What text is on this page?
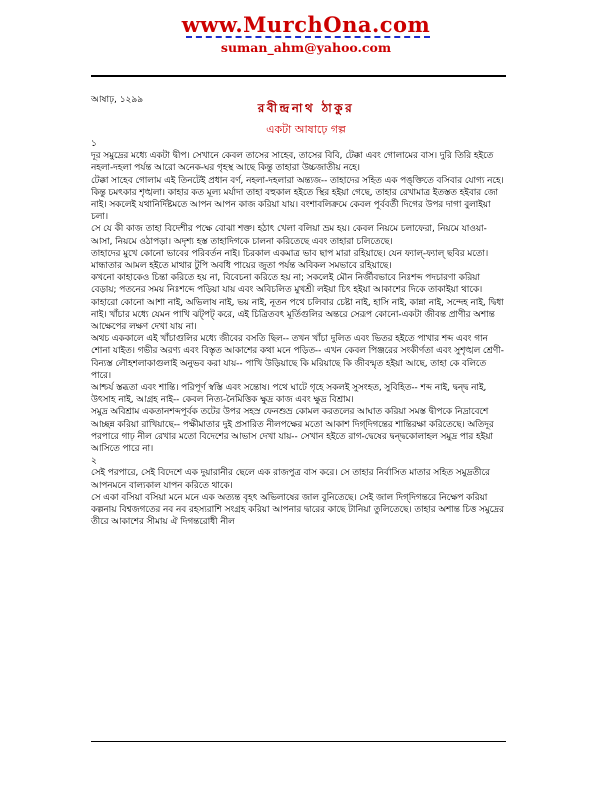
www.MurchOna.com
suman_ahm@yahoo.com
আষাঢ়, ১২৯৯
রবীন্দ্রনাথ ঠাকুর
একটা আষাঢ়ে গল্প

১

দূর সমুদ্রের মধ্যে একটা দ্বীপ। সেখানে কেবল তাসের সাহেব, তাসের বিবি, টেক্কা এবং গোলামের বাস। দুরি তিরি হইতে নহলা-দহলা পর্যন্ত আরো অনেক-ঘর গৃহস্থ আছে কিন্তু তাহারা উচ্চজাতীয় নহে।

টেক্কা সাহেব গোলাম এই তিনটেই প্রধান বর্ণ, নহলা-দহলারা অন্ত্যজ-- তাহাদের সহিত এক পঙ্‌ক্তিতে বসিবার যোগ্য নহে।

কিন্তু চমৎকার শৃঙ্খলা। কাহার কত মূল্য মর্যাদা তাহা বহুকাল হইতে স্থির হইয়া গেছে, তাহার রেখামাত্র ইতস্তত হইবার জো নাই। সকলেই যথানির্দিষ্টমতে আপন আপন কাজ করিয়া যায়। বংশাবলিক্রমে কেবল পূর্ববর্তী দিগের উপর দাগা বুলাইয়া চলা।

সে যে কী কাজ তাহা বিদেশীর পক্ষে বোঝা শক্ত। হঠাৎ খেলা বলিয়া ভ্রম হয়। কেবল নিয়মে চলাফেরা, নিয়মে যাওয়া-আসা, নিয়মে ওঠাপড়া। অদৃশ্য হস্ত তাহাদিগকে চালনা করিতেছে এবং তাহারা চলিতেছে।

তাহাদের মুখে কোনো ভাবের পরিবর্তন নাই। চিরকাল একমাত্র ভাব ছাপ মারা রহিয়াছে। যেন ফ্যাল্‌-ফ্যাল্‌ ছবির মতো। মান্ধাতার আমল হইতে মাথার টুপি অবধি পায়ের জুতা পর্যন্ত অবিকল সমভাবে রহিয়াছে।

কখনো কাহাকেও চিন্তা করিতে হয় না, বিবেচনা করিতে হয় না; সকলেই মৌন নির্জীবভাবে নিঃশব্দ পদচারণা করিয়া বেড়ায়; পতনের সময় নিঃশব্দে পড়িয়া যায় এবং অবিচলিত মুখশ্রী লইয়া চিৎ হইয়া আকাশের দিকে তাকাইয়া থাকে।

কাহারো কোনো আশা নাই, অভিলাষ নাই, ভয় নাই, নূতন পথে চলিবার চেষ্টা নাই, হাসি নাই, কান্না নাই, সন্দেহ নাই, দ্বিধা নাই। খাঁচার মধ্যে যেমন পাখি ঝট্‌পট্‌ করে, এই চিত্রিতবৎ মূর্তিগুলির অন্তরে সেরূপ কোনো-একটা জীবন্ত প্রাণীর অশান্ত আক্ষেপের লক্ষণ দেখা যায় না।

অথচ এককালে এই খাঁচাগুলির মধ্যে জীবের বসতি ছিল-- তখন খাঁচা দুলিত এবং ভিতর হইতে পাখার শব্দ এবং গান শোনা যাইত। গভীর অরণ্য এবং বিস্তৃত আকাশের কথা মনে পড়িত-- এখন কেবল পিঞ্জরের সংকীর্ণতা এবং সুশৃঙ্খল শ্রেণী-বিন্যস্ত লৌহশলাকাগুলাই অনুভব করা যায়-- পাখি উড়িয়াছে কি মরিয়াছে কি জীবন্মৃত হইয়া আছে, তাহা কে বলিতে পারে।

আশ্চর্য স্তব্ধতা এবং শান্তি। পরিপূর্ণ স্বস্তি এবং সন্তোষ। পথে ঘাটে গৃহে সকলই সুসংহত, সুবিহিত-- শব্দ নাই, দ্বন্দ্ব নাই, উৎসাহ নাই, আগ্রহ নাই-- কেবল নিত্য-নৈমিত্তিক ক্ষুদ্র কাজ এবং ক্ষুদ্র বিশ্রাম।

সমুদ্র অবিশ্রাম একতানশব্দপূর্বক তটের উপর সহস্র ফেনশুভ্র কোমল করতলের আঘাত করিয়া সমস্ত দ্বীপকে নিদ্রাবেশে আচ্ছন্ন করিয়া রাখিয়াছে-- পক্ষীমাতার দুই প্রসারিত নীলপক্ষের মতো আকাশ দিগ্‌দিগন্তের শান্তিরক্ষা করিতেছে। অতিদূর পরপারে গাঢ় নীল রেখার মতো বিদেশের আভাস দেখা যায়-- সেখান হইতে রাগ-দ্বেষের দ্বন্দ্বকোলাহল সমুদ্র পার হইয়া আসিতে পারে না।

২

সেই পরপারে, সেই বিদেশে এক দুয়ারানীর ছেলে এক রাজপুত্র বাস করে। সে তাহার নির্বাসিত মাতার সহিত সমুদ্রতীরে আপনমনে বাল্যকাল যাপন করিতে থাকে।

সে একা বসিয়া বসিয়া মনে মনে এক অত্যন্ত বৃহৎ অভিলাষের জাল বুনিতেছে। সেই জাল দিগ্‌দিগন্তরে নিক্ষেপ করিয়া কল্পনায় বিশ্বজগতের নব নব রহস্যরাশি সংগ্রহ করিয়া আপনার দ্বারের কাছে টানিয়া তুলিতেছে। তাহার অশান্ত চিত্ত সমুদ্রের তীরে আকাশের সীমায় ঐ দিগন্তরোধী নীল
